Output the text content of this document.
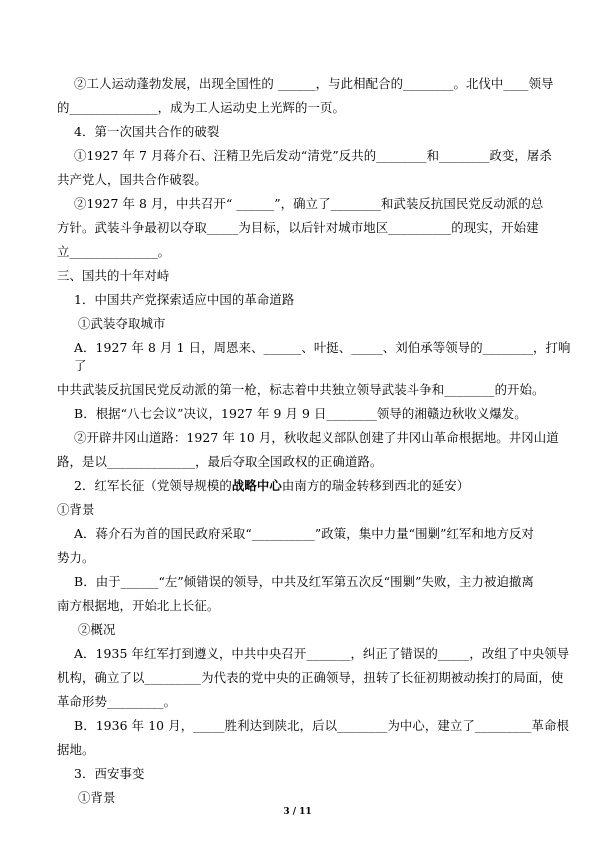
②工人运动蓬勃发展，出现全国性的 ______，与此相配合的________。北伐中____领导
的______________，成为工人运动史上光辉的一页。
4．第一次国共合作的破裂
①1927 年 7 月蒋介石、汪精卫先后发动“清党”反共的________和________政变，屠杀
共产党人，国共合作破裂。
②1927 年 8 月，中共召开“ ______”，确立了________和武装反抗国民党反动派的总
方针。武装斗争最初以夺取_____为目标，以后针对城市地区__________的现实，开始建
立______________。
三、国共的十年对峙
1．中国共产党探索适应中国的革命道路
①武装夺取城市
A．1927 年 8 月 1 日，周恩来、______、叶挺、_____、刘伯承等领导的________，打响
了
中共武装反抗国民党反动派的第一枪，标志着中共独立领导武装斗争和________的开始。
B．根据“八七会议”决议，1927 年 9 月 9 日________领导的湘赣边秋收义爆发。
②开辟井冈山道路：1927 年 10 月，秋收起义部队创建了井冈山革命根据地。井冈山道
路，是以______________，最后夺取全国政权的正确道路。
2．红军长征（党领导规模的战略中心由南方的瑞金转移到西北的延安）
①背景
A．蒋介石为首的国民政府采取“__________”政策，集中力量“围剿”红军和地方反对
势力。
B．由于______“左”倾错误的领导，中共及红军第五次反“围剿”失败，主力被迫撤离
南方根据地，开始北上长征。
②概况
A．1935 年红军打到遵义，中共中央召开_______，纠正了错误的_____，改组了中央领导
机构，确立了以_________为代表的党中央的正确领导，扭转了长征初期被动挨打的局面，使
革命形势_________。
B．1936 年 10 月，_____胜利达到陕北，后以________为中心，建立了_________革命根
据地。
3．西安事变
①背景
3 / 11
